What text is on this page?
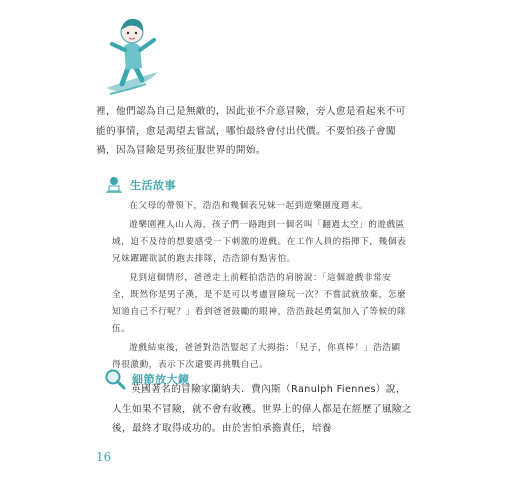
裡，他們認為自己是無敵的，因此並不介意冒險，旁人愈是看起來不可能的事情，愈是渴望去嘗試，哪怕最終會付出代價。不要怕孩子會闖禍，因為冒險是男孩征服世界的開始。

生活故事

在父母的帶領下，浩浩和幾個表兄妹一起到遊樂園度週末。

遊樂園裡人山人海，孩子們一路跑到一個名叫「翻過太空」的遊戲區域，迫不及待的想要感受一下刺激的遊戲。在工作人員的指揮下，幾個表兄妹躍躍欲試的跑去排隊，浩浩卻有點害怕。

見到這個情形，爸爸走上前輕拍浩浩的肩膀說：「這個遊戲非常安全，既然你是男子漢，是不是可以考慮冒險玩一次？不嘗試就放棄，怎麼知道自己不行呢？」看到爸爸鼓勵的眼神，浩浩鼓起勇氣加入了等候的隊伍。

遊戲結束後，爸爸對浩浩豎起了大拇指：「兒子，你真棒！」浩浩顯得很激動，表示下次還要再挑戰自己。

細節放大鏡

英國著名的冒險家蘭納夫．費內斯（Ranulph Fiennes）說，人生如果不冒險，就不會有收穫。世界上的偉人都是在經歷了風險之後，最終才取得成功的。由於害怕承擔責任，培養

16
